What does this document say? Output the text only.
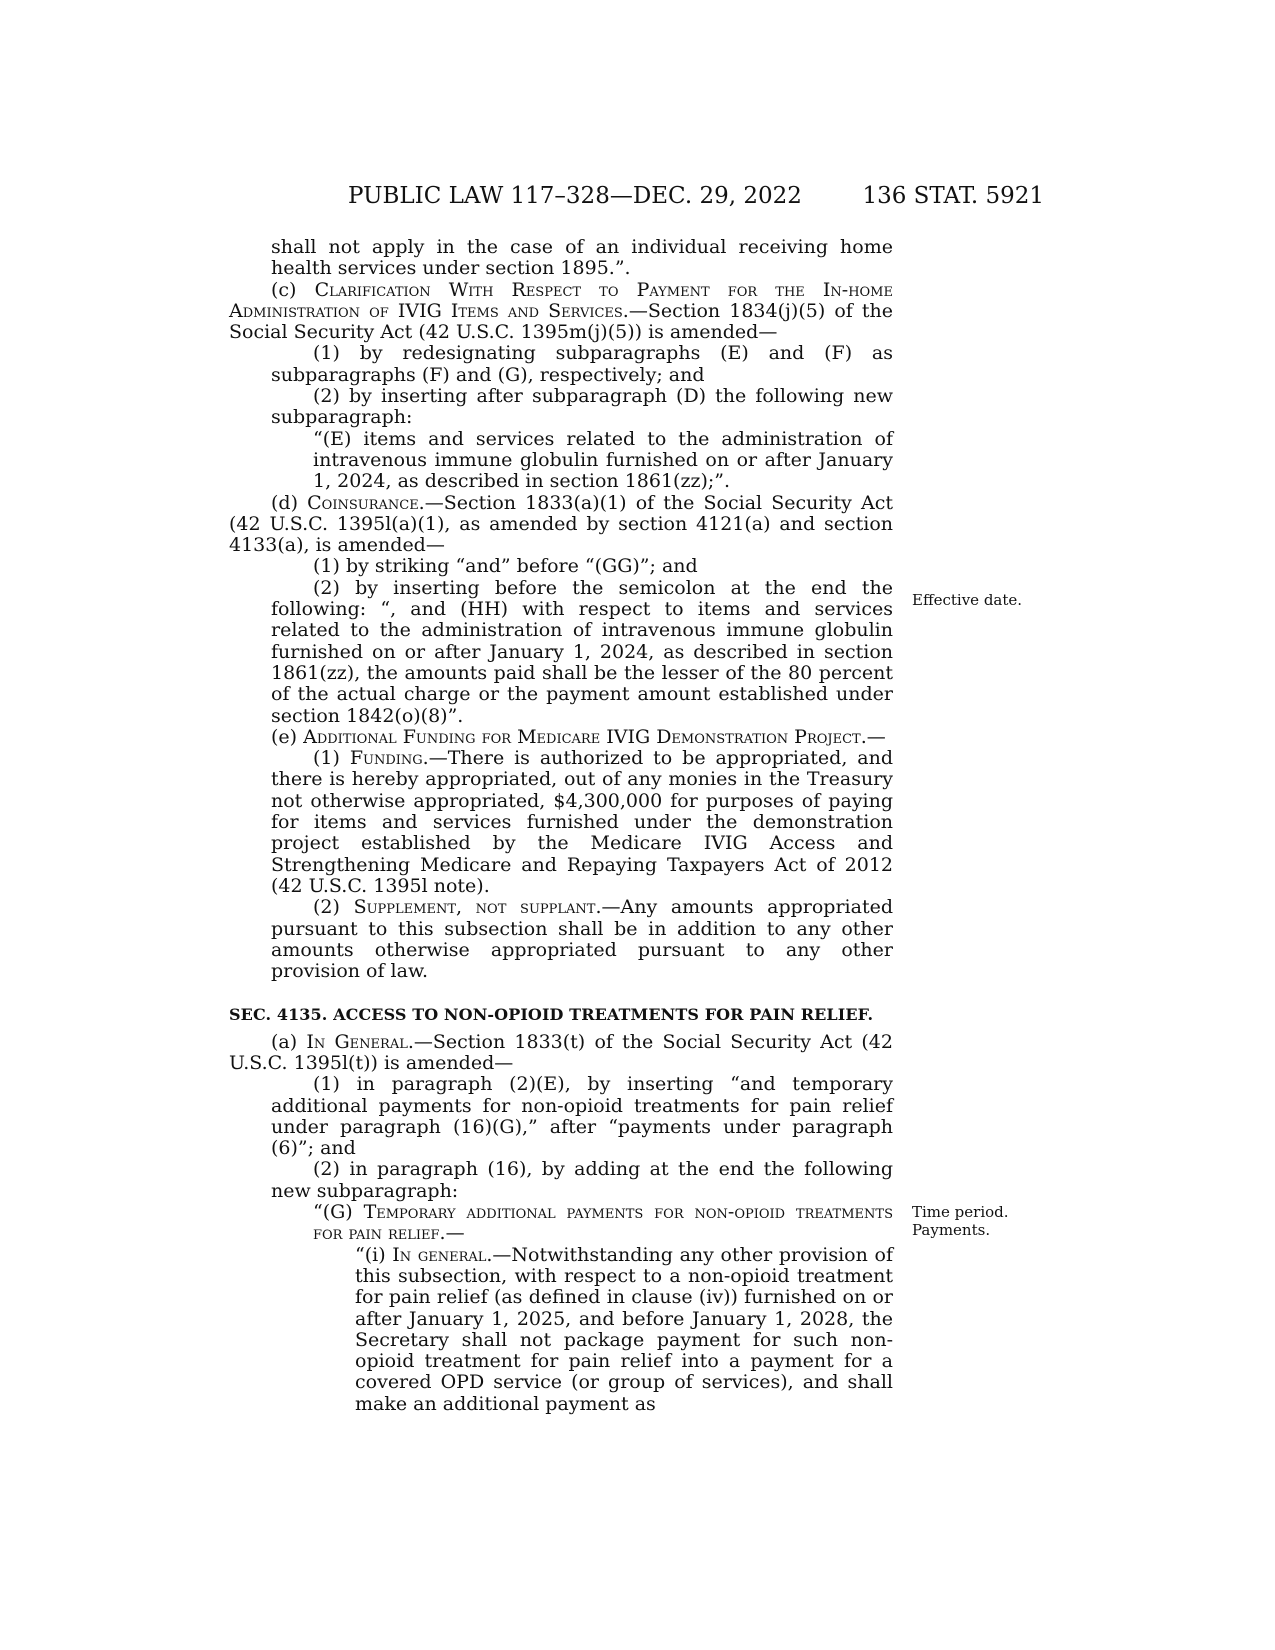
PUBLIC LAW 117–328—DEC. 29, 2022	136 STAT. 5921

shall not apply in the case of an individual receiving home health services under section 1895.”.

(c) Clarification With Respect to Payment for the In-home Administration of IVIG Items and Services.—Section 1834(j)(5) of the Social Security Act (42 U.S.C. 1395m(j)(5)) is amended—

(1) by redesignating subparagraphs (E) and (F) as subparagraphs (F) and (G), respectively; and

(2) by inserting after subparagraph (D) the following new subparagraph:

“(E) items and services related to the administration of intravenous immune globulin furnished on or after January 1, 2024, as described in section 1861(zz);”.

(d) Coinsurance.—Section 1833(a)(1) of the Social Security Act (42 U.S.C. 1395l(a)(1), as amended by section 4121(a) and section 4133(a), is amended—

(1) by striking “and” before “(GG)”; and

(2) by inserting before the semicolon at the end the following: “, and (HH) with respect to items and services related to the administration of intravenous immune globulin furnished on or after January 1, 2024, as described in section 1861(zz), the amounts paid shall be the lesser of the 80 percent of the actual charge or the payment amount established under section 1842(o)(8)”.

(e) Additional Funding for Medicare IVIG Demonstration Project.—

(1) Funding.—There is authorized to be appropriated, and there is hereby appropriated, out of any monies in the Treasury not otherwise appropriated, $4,300,000 for purposes of paying for items and services furnished under the demonstration project established by the Medicare IVIG Access and Strengthening Medicare and Repaying Taxpayers Act of 2012 (42 U.S.C. 1395l note).

(2) Supplement, not supplant.—Any amounts appropriated pursuant to this subsection shall be in addition to any other amounts otherwise appropriated pursuant to any other provision of law.

SEC. 4135. ACCESS TO NON-OPIOID TREATMENTS FOR PAIN RELIEF.

(a) In General.—Section 1833(t) of the Social Security Act (42 U.S.C. 1395l(t)) is amended—

(1) in paragraph (2)(E), by inserting “and temporary additional payments for non-opioid treatments for pain relief under paragraph (16)(G),” after “payments under paragraph (6)”; and

(2) in paragraph (16), by adding at the end the following new subparagraph:

“(G) Temporary additional payments for non-opioid treatments for pain relief.—

“(i) In general.—Notwithstanding any other provision of this subsection, with respect to a non-opioid treatment for pain relief (as defined in clause (iv)) furnished on or after January 1, 2025, and before January 1, 2028, the Secretary shall not package payment for such non-opioid treatment for pain relief into a payment for a covered OPD service (or group of services), and shall make an additional payment as

Effective date.
Time period.
Payments.
